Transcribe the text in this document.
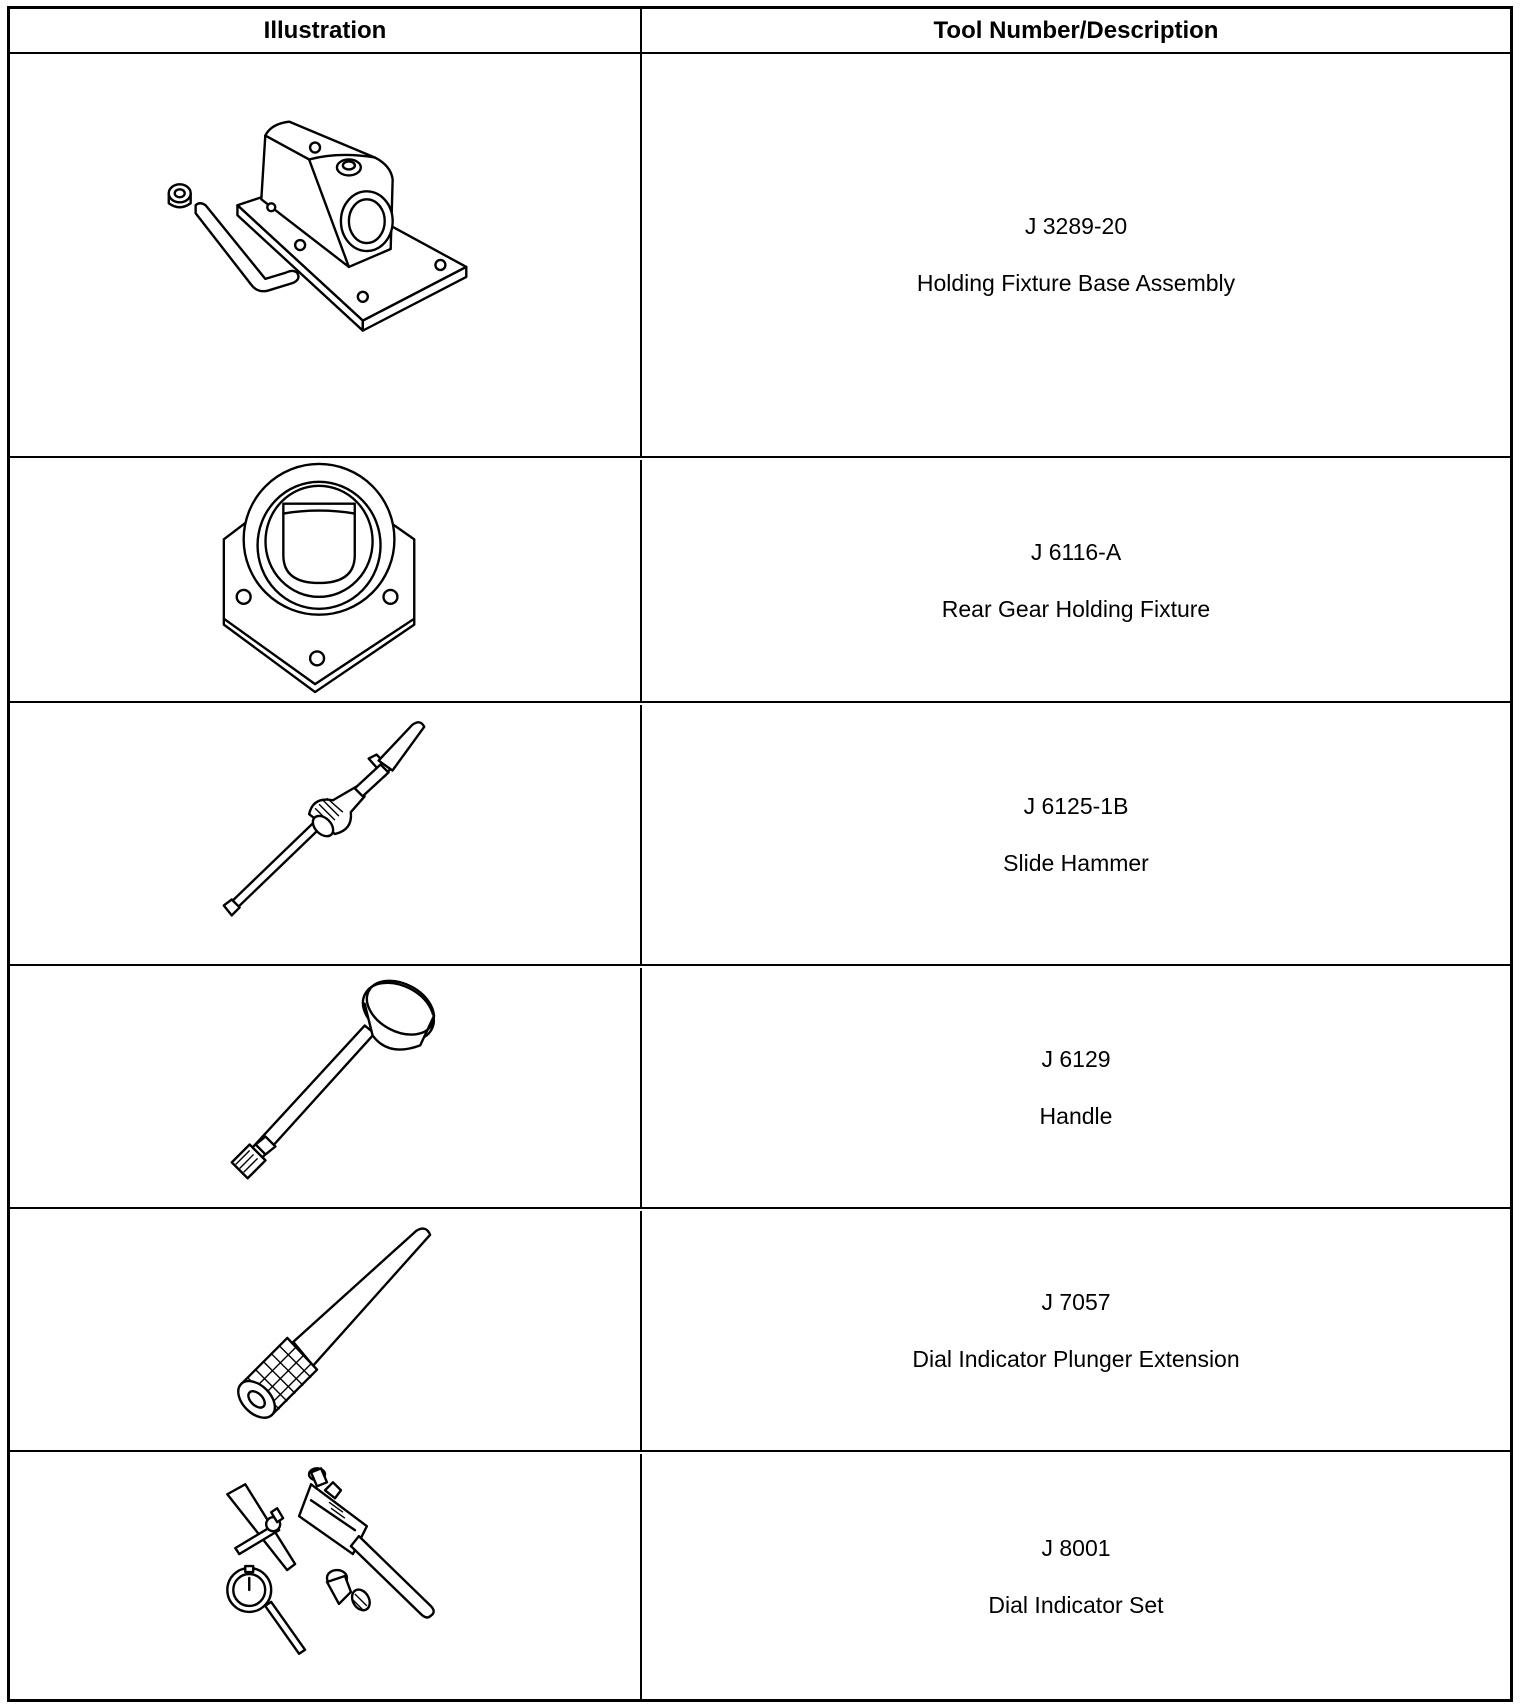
Illustration	Tool Number/Description
J 3289-20
Holding Fixture Base Assembly
J 6116-A
Rear Gear Holding Fixture
J 6125-1B
Slide Hammer
J 6129
Handle
J 7057
Dial Indicator Plunger Extension
J 8001
Dial Indicator Set
